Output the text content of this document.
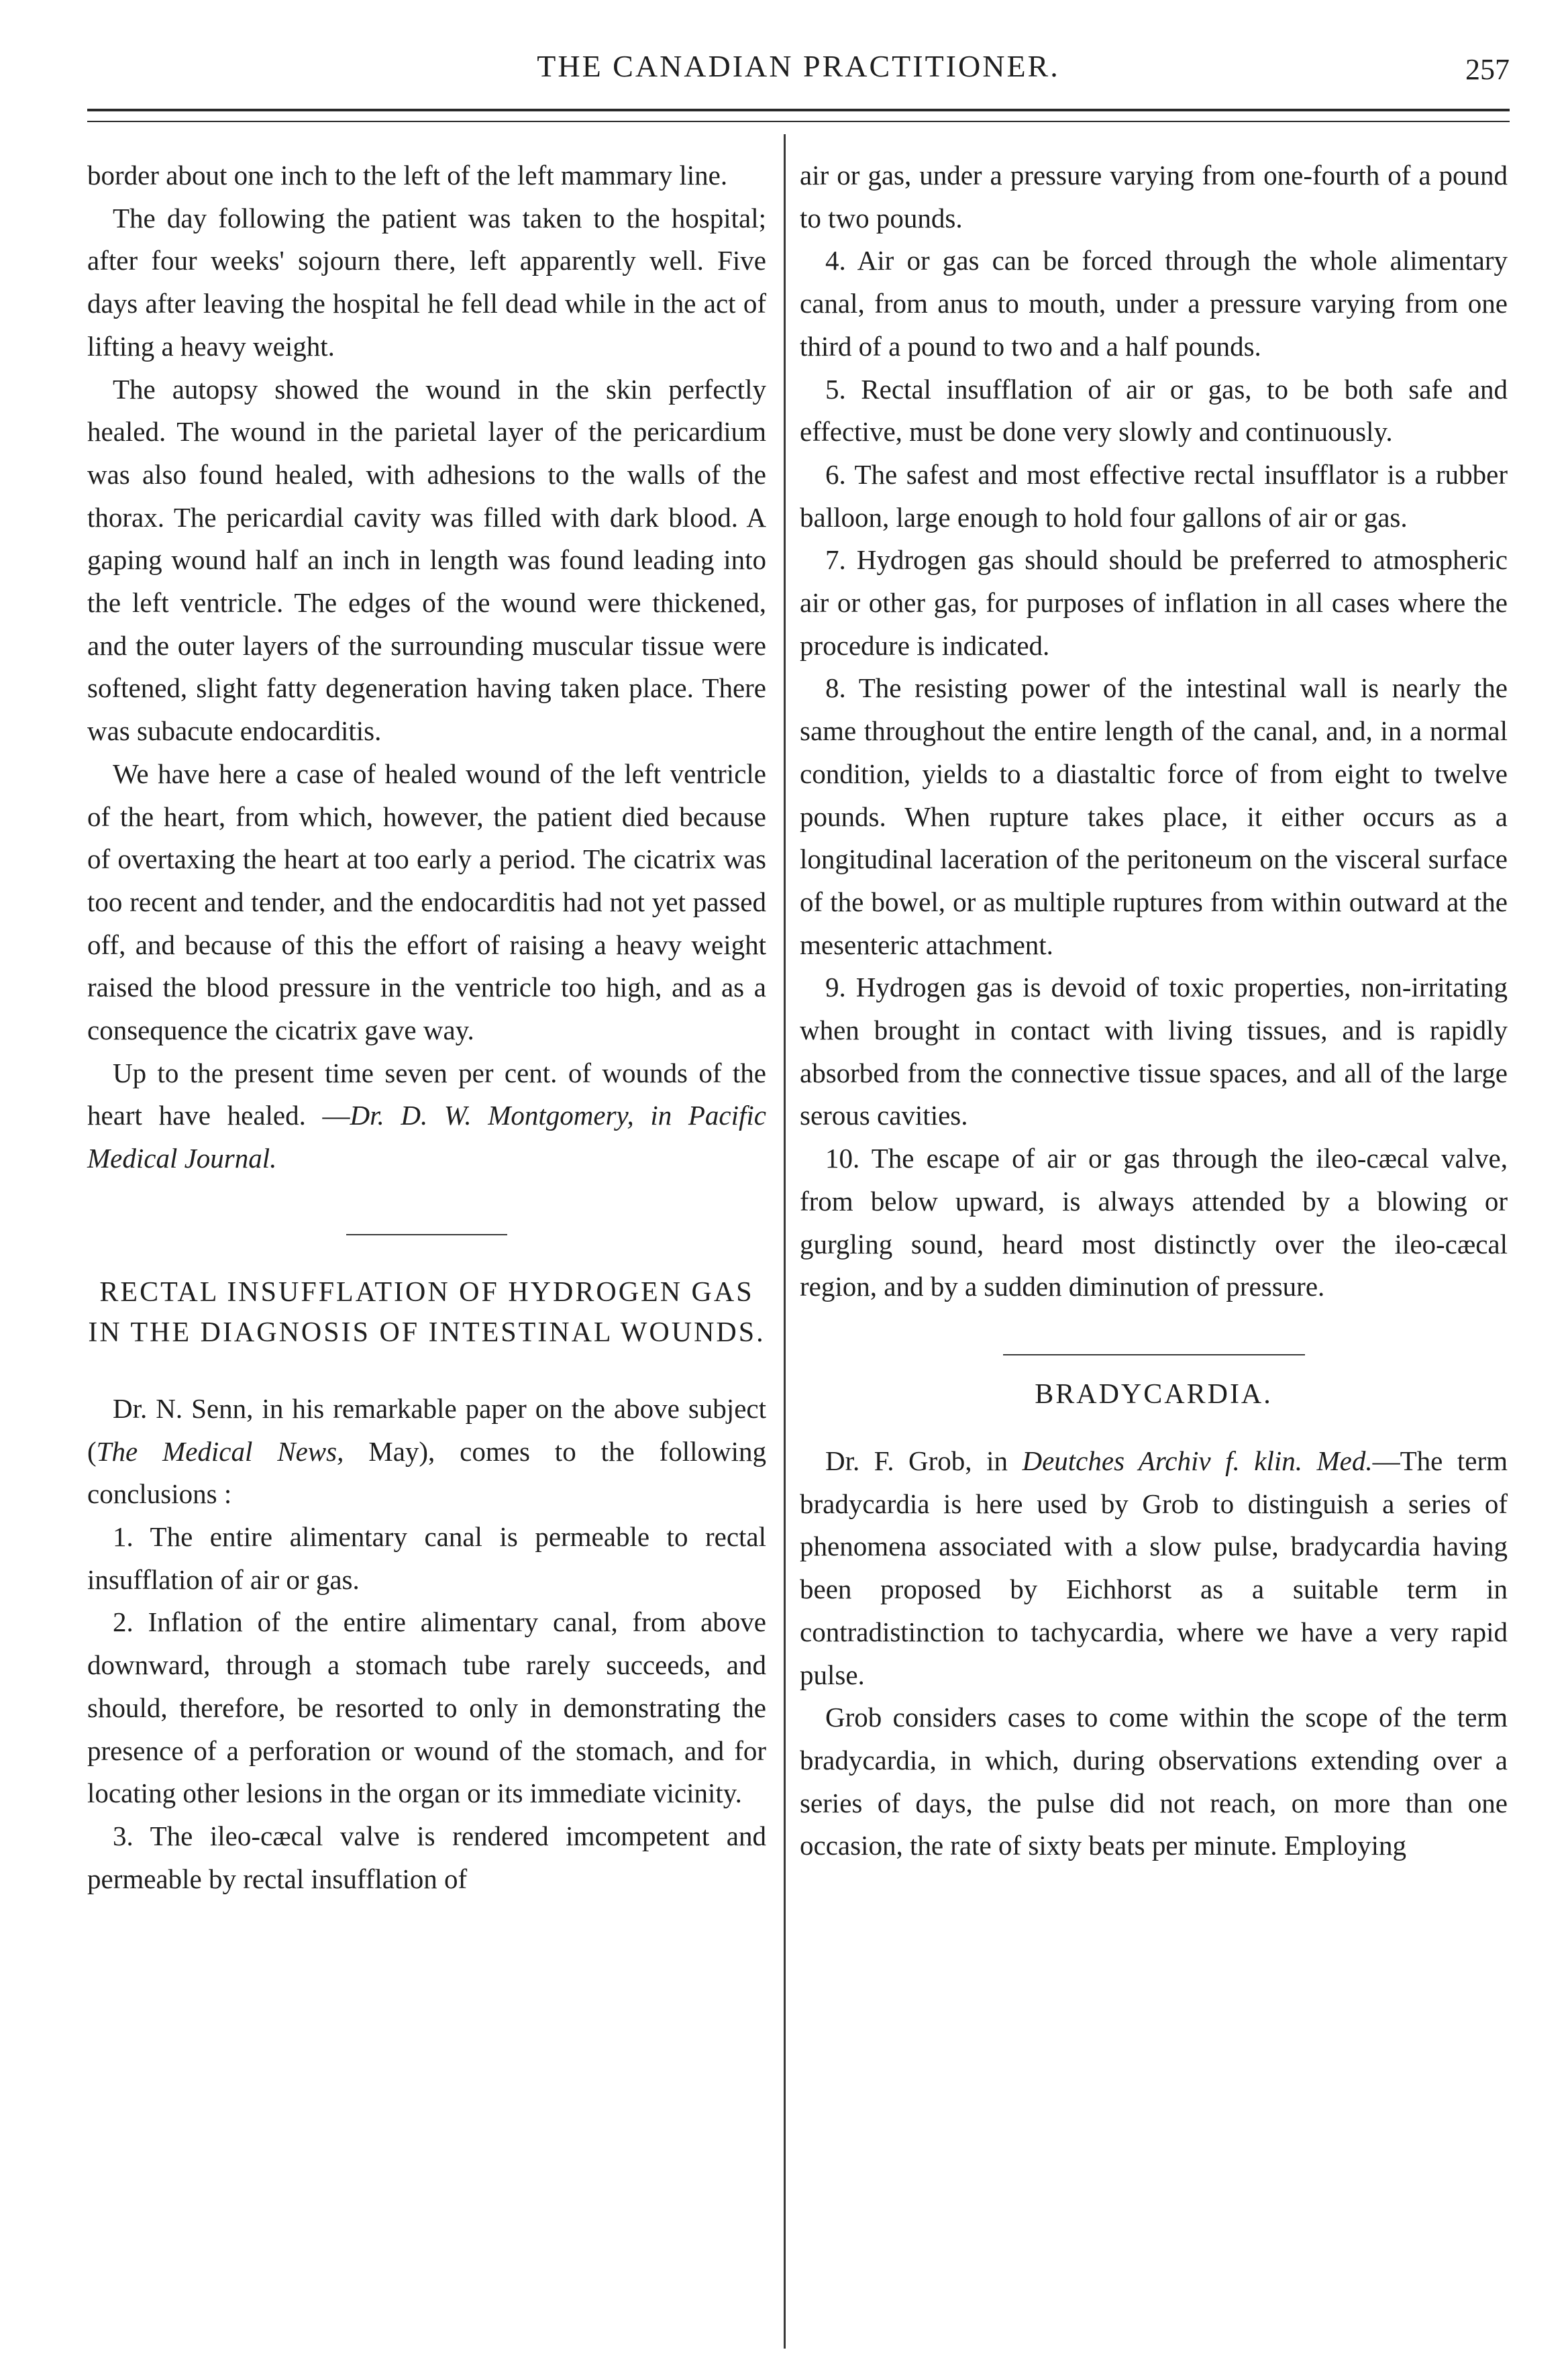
THE CANADIAN PRACTITIONER.	257

border about one inch to the left of the left mammary line.

The day following the patient was taken to the hospital; after four weeks' sojourn there, left apparently well. Five days after leaving the hospital he fell dead while in the act of lifting a heavy weight.

The autopsy showed the wound in the skin perfectly healed. The wound in the parietal layer of the pericardium was also found healed, with adhesions to the walls of the thorax. The pericardial cavity was filled with dark blood. A gaping wound half an inch in length was found leading into the left ventricle. The edges of the wound were thickened, and the outer layers of the surrounding muscular tissue were softened, slight fatty degeneration having taken place. There was subacute endocarditis.

We have here a case of healed wound of the left ventricle of the heart, from which, however, the patient died because of overtaxing the heart at too early a period. The cicatrix was too recent and tender, and the endocarditis had not yet passed off, and because of this the effort of raising a heavy weight raised the blood pressure in the ventricle too high, and as a consequence the cicatrix gave way.

Up to the present time seven per cent. of wounds of the heart have healed. —Dr. D. W. Montgomery, in Pacific Medical Journal.

RECTAL INSUFFLATION OF HYDROGEN GAS IN THE DIAGNOSIS OF INTESTINAL WOUNDS.

Dr. N. Senn, in his remarkable paper on the above subject (The Medical News, May), comes to the following conclusions :

1. The entire alimentary canal is permeable to rectal insufflation of air or gas.

2. Inflation of the entire alimentary canal, from above downward, through a stomach tube rarely succeeds, and should, therefore, be resorted to only in demonstrating the presence of a perforation or wound of the stomach, and for locating other lesions in the organ or its immediate vicinity.

3. The ileo-cæcal valve is rendered imcompetent and permeable by rectal insufflation of

air or gas, under a pressure varying from one-fourth of a pound to two pounds.

4. Air or gas can be forced through the whole alimentary canal, from anus to mouth, under a pressure varying from one third of a pound to two and a half pounds.

5. Rectal insufflation of air or gas, to be both safe and effective, must be done very slowly and continuously.

6. The safest and most effective rectal insufflator is a rubber balloon, large enough to hold four gallons of air or gas.

7. Hydrogen gas should should be preferred to atmospheric air or other gas, for purposes of inflation in all cases where the procedure is indicated.

8. The resisting power of the intestinal wall is nearly the same throughout the entire length of the canal, and, in a normal condition, yields to a diastaltic force of from eight to twelve pounds. When rupture takes place, it either occurs as a longitudinal laceration of the peritoneum on the visceral surface of the bowel, or as multiple ruptures from within outward at the mesenteric attachment.

9. Hydrogen gas is devoid of toxic properties, non-irritating when brought in contact with living tissues, and is rapidly absorbed from the connective tissue spaces, and all of the large serous cavities.

10. The escape of air or gas through the ileo-cæcal valve, from below upward, is always attended by a blowing or gurgling sound, heard most distinctly over the ileo-cæcal region, and by a sudden diminution of pressure.

BRADYCARDIA.

Dr. F. Grob, in Deutches Archiv f. klin. Med.—The term bradycardia is here used by Grob to distinguish a series of phenomena associated with a slow pulse, bradycardia having been proposed by Eichhorst as a suitable term in contradistinction to tachycardia, where we have a very rapid pulse.

Grob considers cases to come within the scope of the term bradycardia, in which, during observations extending over a series of days, the pulse did not reach, on more than one occasion, the rate of sixty beats per minute. Employing
